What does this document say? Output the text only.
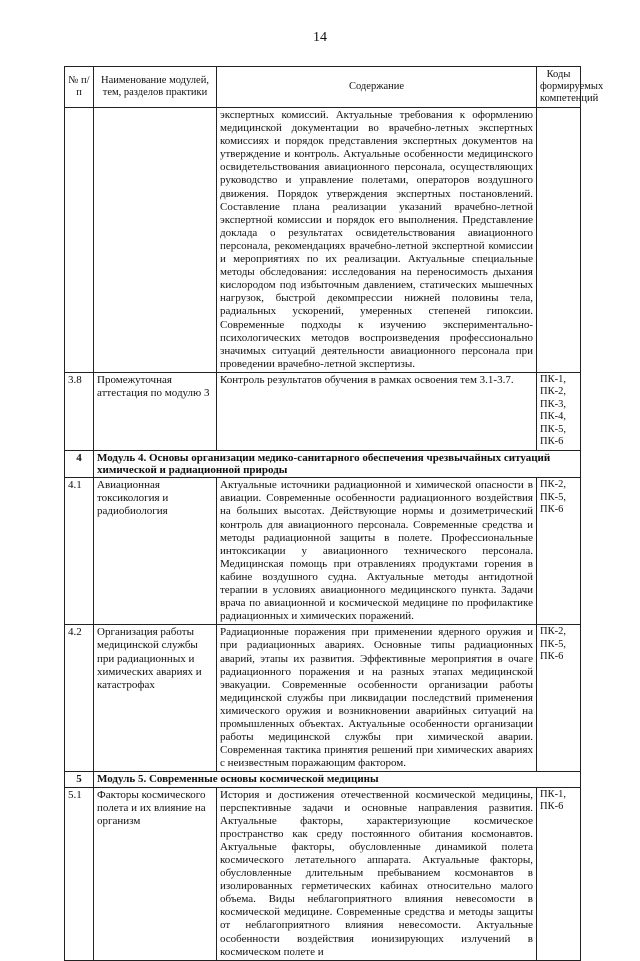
14
№ п/п	Наименование модулей, тем, разделов практики	Содержание	Коды формируемых компетенций
		экспертных комиссий. Актуальные требования к оформлению медицинской документации во врачебно-летных экспертных комиссиях и порядок представления экспертных документов на утверждение и контроль. Актуальные особенности медицинского освидетельствования авиационного персонала, осуществляющих руководство и управление полетами, операторов воздушного движения. Порядок утверждения экспертных постановлений. Составление плана реализации указаний врачебно-летной экспертной комиссии и порядок его выполнения. Представление доклада о результатах освидетельствования авиационного персонала, рекомендациях врачебно-летной экспертной комиссии и мероприятиях по их реализации. Актуальные специальные методы обследования: исследования на переносимость дыхания кислородом под избыточным давлением, статических мышечных нагрузок, быстрой декомпрессии нижней половины тела, радиальных ускорений, умеренных степеней гипоксии. Современные подходы к изучению экспериментально-психологических методов воспроизведения профессионально значимых ситуаций деятельности авиационного персонала при проведении врачебно-летной экспертизы.	
3.8	Промежуточная аттестация по модулю 3	Контроль результатов обучения в рамках освоения тем 3.1-3.7.	ПК-1, ПК-2, ПК-3, ПК-4, ПК-5, ПК-6
4	Модуль 4. Основы организации медико-санитарного обеспечения чрезвычайных ситуаций химической и радиационной природы		
4.1	Авиационная токсикология и радиобиология	Актуальные источники радиационной и химической опасности в авиации. Современные особенности радиационного воздействия на больших высотах. Действующие нормы и дозиметрический контроль для авиационного персонала. Современные средства и методы радиационной защиты в полете. Профессиональные интоксикации у авиационного технического персонала. Медицинская помощь при отравлениях продуктами горения в кабине воздушного судна. Актуальные методы антидотной терапии в условиях авиационного медицинского пункта. Задачи врача по авиационной и космической медицине по профилактике радиационных и химических поражений.	ПК-2, ПК-5, ПК-6
4.2	Организация работы медицинской службы при радиационных и химических авариях и катастрофах	Радиационные поражения при применении ядерного оружия и при радиационных авариях. Основные типы радиационных аварий, этапы их развития. Эффективные мероприятия в очаге радиационного поражения и на разных этапах медицинской эвакуации. Современные особенности организации работы медицинской службы при ликвидации последствий применения химического оружия и возникновении аварийных ситуаций на промышленных объектах. Актуальные особенности организации работы медицинской службы при химической аварии. Современная тактика принятия решений при химических авариях с неизвестным поражающим фактором.	ПК-2, ПК-5, ПК-6
5	Модуль 5. Современные основы космической медицины		
5.1	Факторы космического полета и их влияние на организм	История и достижения отечественной космической медицины, перспективные задачи и основные направления развития. Актуальные факторы, характеризующие космическое пространство как среду постоянного обитания космонавтов. Актуальные факторы, обусловленные динамикой полета космического летательного аппарата. Актуальные факторы, обусловленные длительным пребыванием космонавтов в изолированных герметических кабинах относительно малого объема. Виды неблагоприятного влияния невесомости в космической медицине. Современные средства и методы защиты от неблагоприятного влияния невесомости. Актуальные особенности воздействия ионизирующих излучений в космическом полете и	ПК-1, ПК-6
